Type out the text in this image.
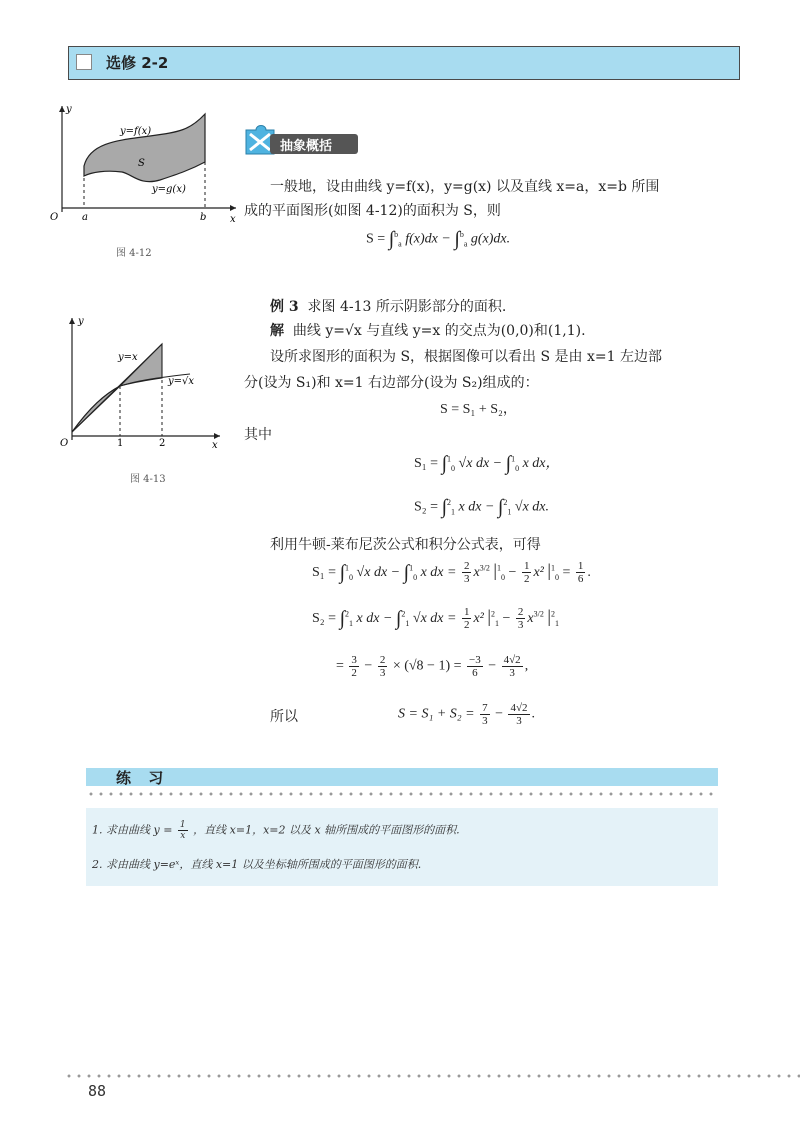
选修 2-2
y
x
O a	b
y=f(x)
y=g(x)
S
图 4-12
y
x
O	1	2
y=x
y=√x
图 4-13
抽象概括
一般地，设由曲线 y=f(x)，y=g(x) 以及直线 x=a，x=b 所围
成的平面图形(如图 4-12)的面积为 S，则
S = ∫$^b_a$ f(x)dx − ∫$^b_a$ g(x)dx.
例 3 求图 4-13 所示阴影部分的面积.
解 曲线 y=√x 与直线 y=x 的交点为(0,0)和(1,1).
设所求图形的面积为 S，根据图像可以看出 S 是由 x=1 左边部
分(设为 S₁)和 x=1 右边部分(设为 S₂)组成的：
S = S₁ + S₂，
其中
S₁ = ∫$^1_0$ √x dx − ∫$^1_0$ x dx，
S₂ = ∫$^2_1$ x dx − ∫$^2_1$ √x dx.
利用牛顿-莱布尼茨公式和积分公式表，可得
S₁ = ∫$^1_0$ √x dx − ∫$^1_0$ x dx = $\frac{2}{3} x^{3/2}$ $|^1_0 - \frac{1}{2} x^2$ $|^1_0 = \frac{1}{6}$ .
S₂ = ∫$^2_1$ x dx − ∫$^2_1$ √x dx = $\frac{1}{2} x^2$ $|^2_1 - \frac{2}{3} x^{3/2}$ $|^2_1$
= $\frac{3}{2} - \frac{2}{3} \times (√8 - 1) = \frac{-3}{6} - \frac{4√2}{3}$ ,
所以	$S = S_1 + S_2 = \frac{7}{3} - \frac{4√2}{3}$ .
练 习
1. 求由曲线 $y = \frac{1}{x}$ ，直线 x=1，x=2 以及 x 轴所围成的平面图形的面积.
2. 求由曲线 y=eˣ，直线 x=1 以及坐标轴所围成的平面图形的面积.
88
